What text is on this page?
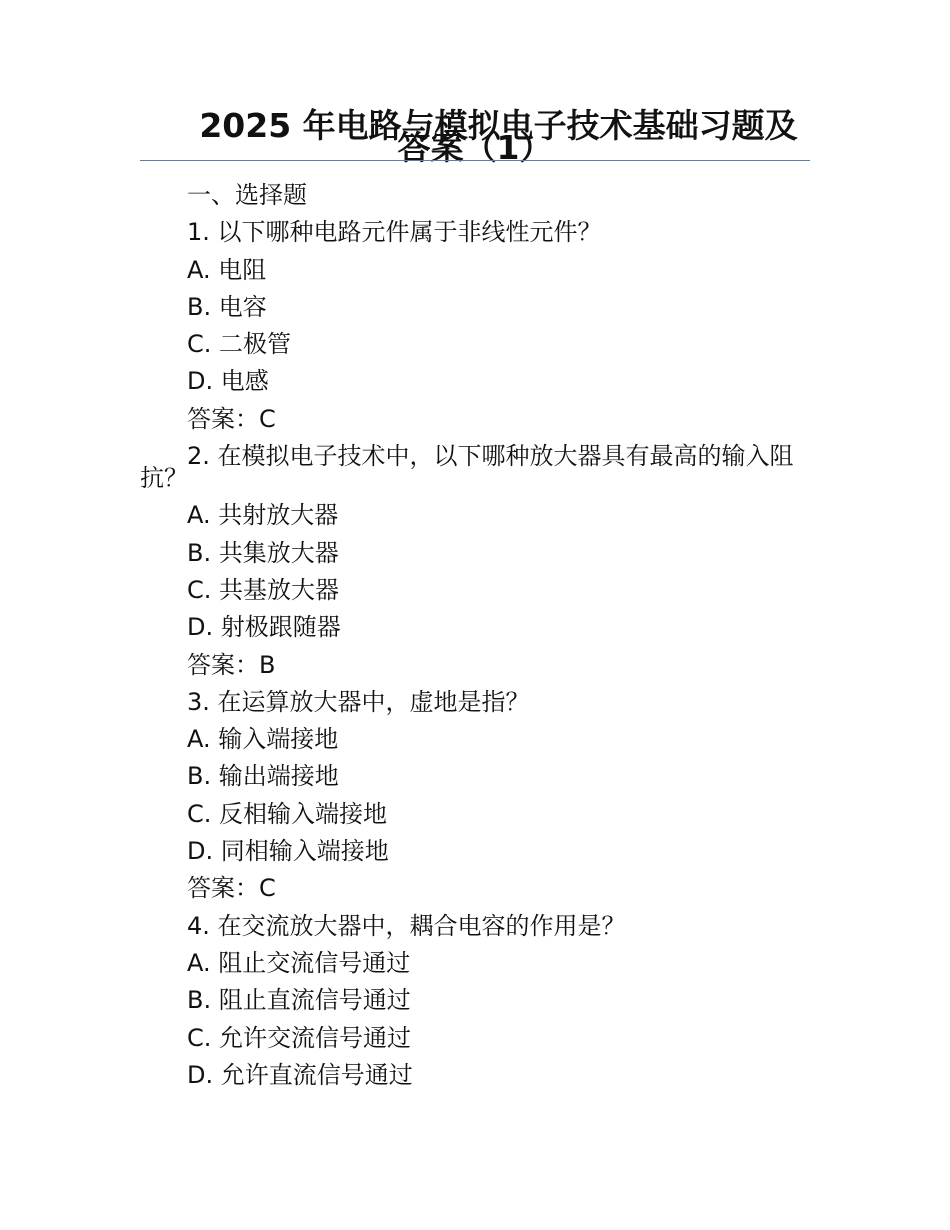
2025 年电路与模拟电子技术基础习题及答案（1）

一、选择题

1. 以下哪种电路元件属于非线性元件？

A. 电阻

B. 电容

C. 二极管

D. 电感

答案：C

2. 在模拟电子技术中，以下哪种放大器具有最高的输入阻抗？

A. 共射放大器

B. 共集放大器

C. 共基放大器

D. 射极跟随器

答案：B

3. 在运算放大器中，虚地是指？

A. 输入端接地

B. 输出端接地

C. 反相输入端接地

D. 同相输入端接地

答案：C

4. 在交流放大器中，耦合电容的作用是？

A. 阻止交流信号通过

B. 阻止直流信号通过

C. 允许交流信号通过

D. 允许直流信号通过
